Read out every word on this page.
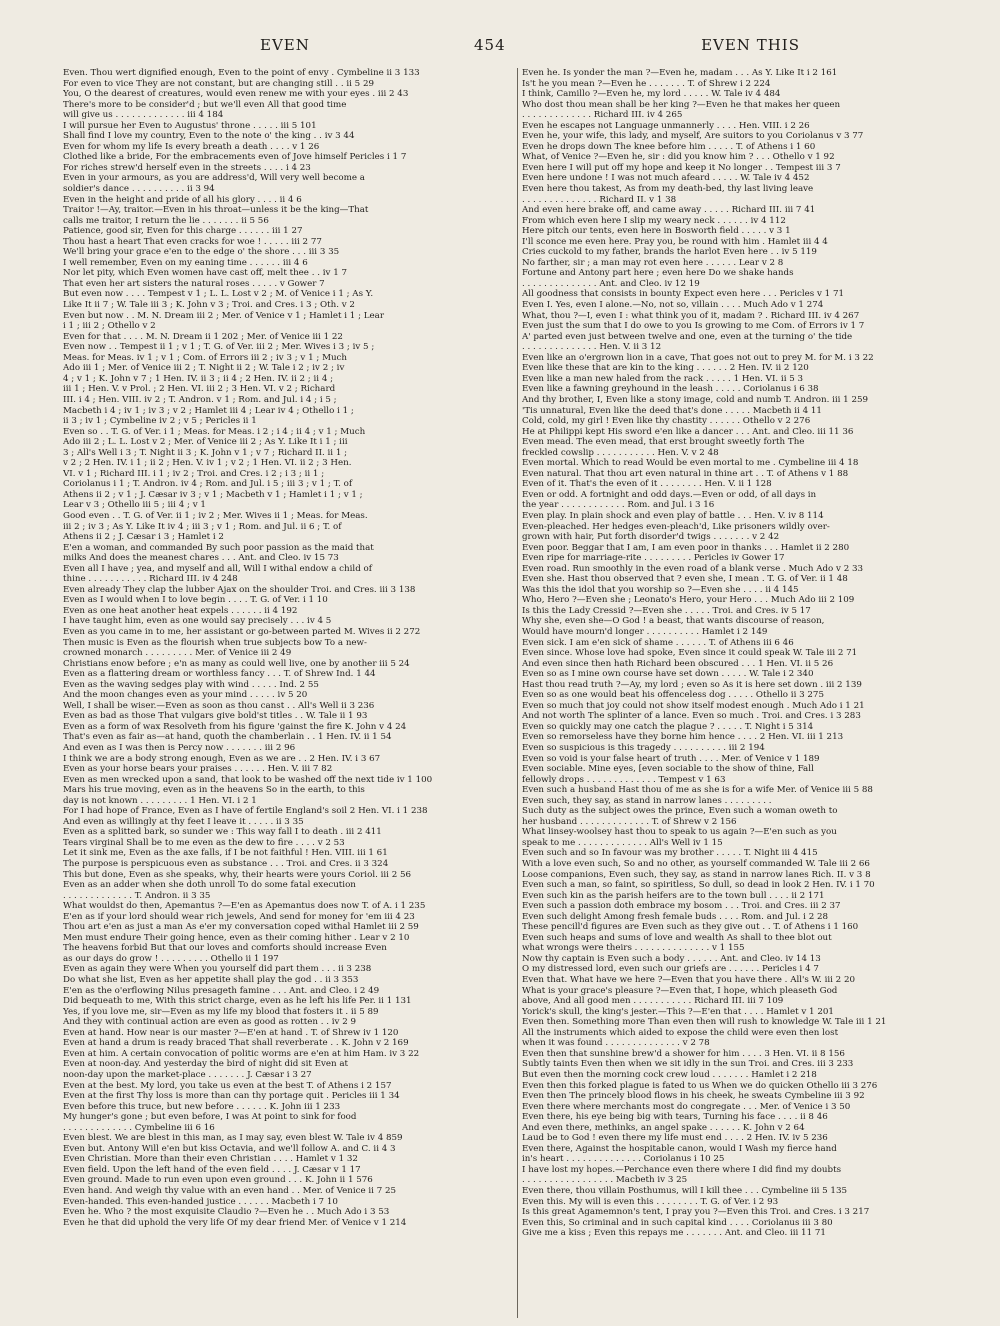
EVEN	454	EVEN THIS
Even. Thou wert dignified enough, Even to the point of envy . Cymbeline ii 3 133
For even to vice They are not constant, but are changing still . . ii 5 29
You, O the dearest of creatures, would even renew me with your eyes . iii 2 43
There's more to be consider'd ; but we'll even All that good time
will give us . . . . . . . . . . . . . iii 4 184
I will pursue her Even to Augustus' throne . . . . . iii 5 101
Shall find I love my country, Even to the note o' the king . . iv 3 44
Even for whom my life Is every breath a death . . . . v 1 26
Clothed like a bride, For the embracements even of Jove himself Pericles i 1 7
For riches strew'd herself even in the streets . . . . i 4 23
Even in your armours, as you are address'd, Will very well become a
soldier's dance . . . . . . . . . . ii 3 94
Even in the height and pride of all his glory . . . . ii 4 6
Traitor !—Ay, traitor.—Even in his throat—unless it be the king—That
calls me traitor, I return the lie . . . . . . . ii 5 56
Patience, good sir, Even for this charge . . . . . . iii 1 27
Thou hast a heart That even cracks for woe ! . . . . . iii 2 77
We'll bring your grace e'en to the edge o' the shore . . . iii 3 35
I well remember, Even on my eaning time . . . . . . iii 4 6
Nor let pity, which Even women have cast off, melt thee . . iv 1 7
That even her art sisters the natural roses . . . . . v Gower 7
But even now . . . . Tempest v 1 ; L. L. Lost v 2 ; M. of Venice i 1 ; As Y.
Like It ii 7 ; W. Tale iii 3 ; K. John v 3 ; Troi. and Cres. i 3 ; Oth. v 2
Even but now . . M. N. Dream iii 2 ; Mer. of Venice v 1 ; Hamlet i 1 ; Lear
i 1 ; iii 2 ; Othello v 2
Even for that . . . . M. N. Dream ii 1 202 ; Mer. of Venice iii 1 22
Even now . . Tempest ii 1 ; v 1 ; T. G. of Ver. iii 2 ; Mer. Wives i 3 ; iv 5 ;
Meas. for Meas. iv 1 ; v 1 ; Com. of Errors iii 2 ; iv 3 ; v 1 ; Much
Ado iii 1 ; Mer. of Venice iii 2 ; T. Night ii 2 ; W. Tale i 2 ; iv 2 ; iv
4 ; v 1 ; K. John v 7 ; 1 Hen. IV. ii 3 ; ii 4 ; 2 Hen. IV. ii 2 ; ii 4 ;
iii 1 ; Hen. V. v Prol. ; 2 Hen. VI. iii 2 ; 3 Hen. VI. v 2 ; Richard
III. i 4 ; Hen. VIII. iv 2 ; T. Andron. v 1 ; Rom. and Jul. i 4 ; i 5 ;
Macbeth i 4 ; iv 1 ; iv 3 ; v 2 ; Hamlet iii 4 ; Lear iv 4 ; Othello i 1 ;
ii 3 ; iv 1 ; Cymbeline iv 2 ; v 5 ; Pericles ii 1
Even so . . T. G. of Ver. i 1 ; Meas. for Meas. i 2 ; i 4 ; ii 4 ; v 1 ; Much
Ado iii 2 ; L. L. Lost v 2 ; Mer. of Venice iii 2 ; As Y. Like It i 1 ; iii
3 ; All's Well i 3 ; T. Night ii 3 ; K. John v 1 ; v 7 ; Richard II. ii 1 ;
v 2 ; 2 Hen. IV. i 1 ; ii 2 ; Hen. V. iv 1 ; v 2 ; 1 Hen. VI. ii 2 ; 3 Hen.
VI. v 1 ; Richard III. i 1 ; iv 2 ; Troi. and Cres. i 2 ; i 3 ; ii 1 ;
Coriolanus i 1 ; T. Andron. iv 4 ; Rom. and Jul. i 5 ; iii 3 ; v 1 ; T. of
Athens ii 2 ; v 1 ; J. Cæsar iv 3 ; v 1 ; Macbeth v 1 ; Hamlet i 1 ; v 1 ;
Lear v 3 ; Othello iii 5 ; iii 4 ; v 1
Good even . . T. G. of Ver. ii 1 ; iv 2 ; Mer. Wives ii 1 ; Meas. for Meas.
iii 2 ; iv 3 ; As Y. Like It iv 4 ; iii 3 ; v 1 ; Rom. and Jul. ii 6 ; T. of
Athens ii 2 ; J. Cæsar i 3 ; Hamlet i 2
E'en a woman, and commanded By such poor passion as the maid that
milks And does the meanest chares . . . Ant. and Cleo. iv 15 73
Even all I have ; yea, and myself and all, Will I withal endow a child of
thine . . . . . . . . . . . Richard III. iv 4 248
Even already They clap the lubber Ajax on the shoulder Troi. and Cres. iii 3 138
Even as I would when I to love begin . . . . T. G. of Ver. i 1 10
Even as one heat another heat expels . . . . . . ii 4 192
I have taught him, even as one would say precisely . . . iv 4 5
Even as you came in to me, her assistant or go-between parted M. Wives ii 2 272
Then music is Even as the flourish when true subjects bow To a new-
crowned monarch . . . . . . . . . Mer. of Venice iii 2 49
Christians enow before ; e'n as many as could well live, one by another iii 5 24
Even as a flattering dream or worthless fancy . . . T. of Shrew Ind. 1 44
Even as the waving sedges play with wind . . . . . Ind. 2 55
And the moon changes even as your mind . . . . . iv 5 20
Well, I shall be wiser.—Even as soon as thou canst . . All's Well ii 3 236
Even as bad as those That vulgars give bold'st titles . . W. Tale ii 1 93
Even as a form of wax Resolveth from his figure 'gainst the fire K. John v 4 24
That's even as fair as—at hand, quoth the chamberlain . . 1 Hen. IV. ii 1 54
And even as I was then is Percy now . . . . . . . iii 2 96
I think we are a body strong enough, Even as we are . . 2 Hen. IV. i 3 67
Even as your horse bears your praises . . . . . . Hen. V. iii 7 82
Even as men wrecked upon a sand, that look to be washed off the next tide iv 1 100
Mars his true moving, even as in the heavens So in the earth, to this
day is not known . . . . . . . . . 1 Hen. VI. i 2 1
For I had hope of France, Even as I have of fertile England's soil 2 Hen. VI. i 1 238
And even as willingly at thy feet I leave it . . . . . ii 3 35
Even as a splitted bark, so sunder we : This way fall I to death . iii 2 411
Tears virginal Shall be to me even as the dew to fire . . . . v 2 53
Let it sink me, Even as the axe falls, if I be not faithful ! Hen. VIII. iii 1 61
The purpose is perspicuous even as substance . . . Troi. and Cres. ii 3 324
This but done, Even as she speaks, why, their hearts were yours Coriol. iii 2 56
Even as an adder when she doth unroll To do some fatal execution
. . . . . . . . . . . . . T. Andron. ii 3 35
What wouldst do then, Apemantus ?—E'en as Apemantus does now T. of A. i 1 235
E'en as if your lord should wear rich jewels, And send for money for 'em iii 4 23
Thou art e'en as just a man As e'er my conversation coped withal Hamlet iii 2 59
Men must endure Their going hence, even as their coming hither . Lear v 2 10
The heavens forbid But that our loves and comforts should increase Even
as our days do grow ! . . . . . . . . . Othello ii 1 197
Even as again they were When you yourself did part them . . . ii 3 238
Do what she list, Even as her appetite shall play the god . . ii 3 353
E'en as the o'erflowing Nilus presageth famine . . . Ant. and Cleo. i 2 49
Did bequeath to me, With this strict charge, even as he left his life Per. ii 1 131
Yes, if you love me, sir—Even as my life my blood that fosters it . ii 5 89
And they with continual action are even as good as rotten . . iv 2 9
Even at hand. How near is our master ?—E'en at hand . T. of Shrew iv 1 120
Even at hand a drum is ready braced That shall reverberate . . K. John v 2 169
Even at him. A certain convocation of politic worms are e'en at him Ham. iv 3 22
Even at noon-day. And yesterday the bird of night did sit Even at
noon-day upon the market-place . . . . . . . J. Cæsar i 3 27
Even at the best. My lord, you take us even at the best T. of Athens i 2 157
Even at the first Thy loss is more than can thy portage quit . Pericles iii 1 34
Even before this truce, but new before . . . . . . K. John iii 1 233
My hunger's gone ; but even before, I was At point to sink for food
. . . . . . . . . . . . . Cymbeline iii 6 16
Even blest. We are blest in this man, as I may say, even blest W. Tale iv 4 859
Even but. Antony Will e'en but kiss Octavia, and we'll follow A. and C. ii 4 3
Even Christian. More than their even Christian . . . . Hamlet v 1 32
Even field. Upon the left hand of the even field . . . . J. Cæsar v 1 17
Even ground. Made to run even upon even ground . . . K. John ii 1 576
Even hand. And weigh thy value with an even hand . . Mer. of Venice ii 7 25
Even-handed. This even-handed justice . . . . . . Macbeth i 7 10
Even he. Who ? the most exquisite Claudio ?—Even he . . Much Ado i 3 53
Even he that did uphold the very life Of my dear friend Mer. of Venice v 1 214
Even he. Is yonder the man ?—Even he, madam . . . As Y. Like It i 2 161
Is't he you mean ?—Even he . . . . . . . T. of Shrew i 2 224
I think, Camillo ?—Even he, my lord . . . . . W. Tale iv 4 484
Who dost thou mean shall be her king ?—Even he that makes her queen
. . . . . . . . . . . . . Richard III. iv 4 265
Even he escapes not Language unmannerly . . . . Hen. VIII. i 2 26
Even he, your wife, this lady, and myself, Are suitors to you Coriolanus v 3 77
Even he drops down The knee before him . . . . . T. of Athens i 1 60
What, of Venice ?—Even he, sir : did you know him ? . . . Othello v 1 92
Even here I will put off my hope and keep it No longer . . Tempest iii 3 7
Even here undone ! I was not much afeard . . . . . W. Tale iv 4 452
Even here thou takest, As from my death-bed, thy last living leave
. . . . . . . . . . . . . . Richard II. v 1 38
And even here brake off, and came away . . . . . Richard III. iii 7 41
From which even here I slip my weary neck . . . . . . iv 4 112
Here pitch our tents, even here in Bosworth field . . . . . v 3 1
I'll sconce me even here. Pray you, be round with him . Hamlet iii 4 4
Cries cuckold to my father, brands the harlot Even here . . iv 5 119
No farther, sir ; a man may rot even here . . . . . . Lear v 2 8
Fortune and Antony part here ; even here Do we shake hands
. . . . . . . . . . . . . . Ant. and Cleo. iv 12 19
All goodness that consists in bounty Expect even here . . . Pericles v 1 71
Even I. Yes, even I alone.—No, not so, villain . . . . Much Ado v 1 274
What, thou ?—I, even I : what think you of it, madam ? . Richard III. iv 4 267
Even just the sum that I do owe to you Is growing to me Com. of Errors iv 1 7
A' parted even just between twelve and one, even at the turning o' the tide
. . . . . . . . . . . . . . Hen. V. ii 3 12
Even like an o'ergrown lion in a cave, That goes not out to prey M. for M. i 3 22
Even like these that are kin to the king . . . . . . 2 Hen. IV. ii 2 120
Even like a man new haled from the rack . . . . . 1 Hen. VI. ii 5 3
Even like a fawning greyhound in the leash . . . . . Coriolanus i 6 38
And thy brother, I, Even like a stony image, cold and numb T. Andron. iii 1 259
'Tis unnatural, Even like the deed that's done . . . . . Macbeth ii 4 11
Cold, cold, my girl ! Even like thy chastity . . . . . . Othello v 2 276
He at Philippi kept His sword e'en like a dancer . . . Ant. and Cleo. iii 11 36
Even mead. The even mead, that erst brought sweetly forth The
freckled cowslip . . . . . . . . . . . Hen. V. v 2 48
Even mortal. Which to read Would be even mortal to me . Cymbeline iii 4 18
Even natural. That thou art even natural in thine art . . T. of Athens v 1 88
Even of it. That's the even of it . . . . . . . . Hen. V. ii 1 128
Even or odd. A fortnight and odd days.—Even or odd, of all days in
the year . . . . . . . . . . . . Rom. and Jul. i 3 16
Even play. In plain shock and even play of battle . . . Hen. V. iv 8 114
Even-pleached. Her hedges even-pleach'd, Like prisoners wildly over-
grown with hair, Put forth disorder'd twigs . . . . . . . v 2 42
Even poor. Beggar that I am, I am even poor in thanks . . . Hamlet ii 2 280
Even ripe for marriage-rite . . . . . . . . . Pericles iv Gower 17
Even road. Run smoothly in the even road of a blank verse . Much Ado v 2 33
Even she. Hast thou observed that ? even she, I mean . T. G. of Ver. ii 1 48
Was this the idol that you worship so ?—Even she . . . . ii 4 145
Who, Hero ?—Even she ; Leonato's Hero, your Hero . . . Much Ado iii 2 109
Is this the Lady Cressid ?—Even she . . . . . Troi. and Cres. iv 5 17
Why she, even she—O God ! a beast, that wants discourse of reason,
Would have mourn'd longer . . . . . . . . . . Hamlet i 2 149
Even sick. I am e'en sick of shame . . . . . . T. of Athens iii 6 46
Even since. Whose love had spoke, Even since it could speak W. Tale iii 2 71
And even since then hath Richard been obscured . . . 1 Hen. VI. ii 5 26
Even so as I mine own course have set down . . . . . W. Tale i 2 340
Hast thou read truth ?—Ay, my lord ; even so As it is here set down . iii 2 139
Even so as one would beat his offenceless dog . . . . . Othello ii 3 275
Even so much that joy could not show itself modest enough . Much Ado i 1 21
And not worth The splinter of a lance. Even so much . Troi. and Cres. i 3 283
Even so quickly may one catch the plague ? . . . . . T. Night i 5 314
Even so remorseless have they borne him hence . . . . 2 Hen. VI. iii 1 213
Even so suspicious is this tragedy . . . . . . . . . . iii 2 194
Even so void is your false heart of truth . . . . Mer. of Venice v 1 189
Even sociable. Mine eyes, [even sociable to the show of thine, Fall
fellowly drops . . . . . . . . . . . . . Tempest v 1 63
Even such a husband Hast thou of me as she is for a wife Mer. of Venice iii 5 88
Even such, they say, as stand in narrow lanes . . . . . . . . .
Such duty as the subject owes the prince, Even such a woman oweth to
her husband . . . . . . . . . . . . . T. of Shrew v 2 156
What linsey-woolsey hast thou to speak to us again ?—E'en such as you
speak to me . . . . . . . . . . . . . All's Well iv 1 15
Even such and so In favour was my brother . . . . . T. Night iii 4 415
With a love even such, So and no other, as yourself commanded W. Tale iii 2 66
Loose companions, Even such, they say, as stand in narrow lanes Rich. II. v 3 8
Even such a man, so faint, so spiritless, So dull, so dead in look 2 Hen. IV. i 1 70
Even such kin as the parish heifers are to the town bull . . . . ii 2 171
Even such a passion doth embrace my bosom . . . Troi. and Cres. iii 2 37
Even such delight Among fresh female buds . . . . Rom. and Jul. i 2 28
These pencill'd figures are Even such as they give out . . T. of Athens i 1 160
Even such heaps and sums of love and wealth As shall to thee blot out
what wrongs were theirs . . . . . . . . . . . . . . v 1 155
Now thy captain is Even such a body . . . . . . Ant. and Cleo. iv 14 13
O my distressed lord, even such our griefs are . . . . . . Pericles i 4 7
Even that. What have we here ?—Even that you have there . All's W. iii 2 20
What is your grace's pleasure ?—Even that, I hope, which pleaseth God
above, And all good men . . . . . . . . . . . Richard III. iii 7 109
Yorick's skull, the king's jester.—This ?—E'en that . . . . Hamlet v 1 201
Even then. Something more Than even then will rush to knowledge W. Tale iii 1 21
All the instruments which aided to expose the child were even then lost
when it was found . . . . . . . . . . . . . . v 2 78
Even then that sunshine brew'd a shower for him . . . . 3 Hen. VI. ii 8 156
Subtly taints Even then when we sit idly in the sun Troi. and Cres. iii 3 233
But even then the morning cock crew loud . . . . . . . Hamlet i 2 218
Even then this forked plague is fated to us When we do quicken Othello iii 3 276
Even then The princely blood flows in his cheek, he sweats Cymbeline iii 3 92
Even there where merchants most do congregate . . . Mer. of Venice i 3 50
Even there, his eye being big with tears, Turning his face . . . . ii 8 46
And even there, methinks, an angel spake . . . . . . K. John v 2 64
Laud be to God ! even there my life must end . . . . 2 Hen. IV. iv 5 236
Even there, Against the hospitable canon, would I Wash my fierce hand
in's heart . . . . . . . . . . . . . . Coriolanus i 10 25
I have lost my hopes.—Perchance even there where I did find my doubts
. . . . . . . . . . . . . . . . . Macbeth iv 3 25
Even there, thou villain Posthumus, will I kill thee . . . Cymbeline iii 5 135
Even this. My will is even this . . . . . . . . T. G. of Ver. i 2 93
Is this great Agamemnon's tent, I pray you ?—Even this Troi. and Cres. i 3 217
Even this, So criminal and in such capital kind . . . . Coriolanus iii 3 80
Give me a kiss ; Even this repays me . . . . . . . Ant. and Cleo. iii 11 71
